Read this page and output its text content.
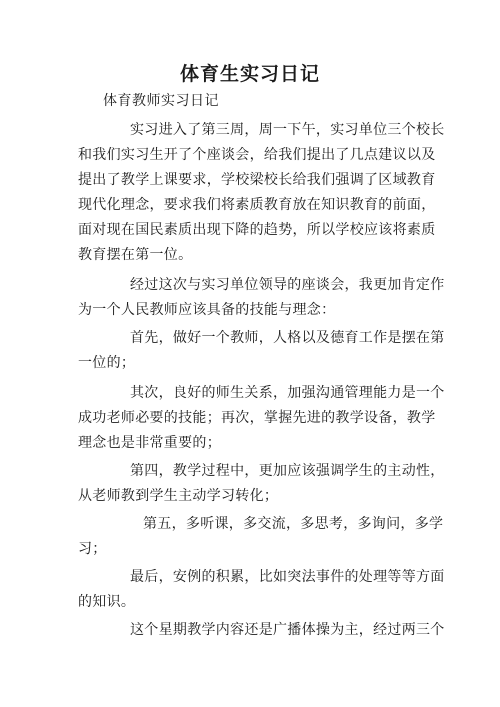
体育生实习日记
体育教师实习日记
实习进入了第三周，周一下午，实习单位三个校长
和我们实习生开了个座谈会，给我们提出了几点建议以及
提出了教学上课要求，学校梁校长给我们强调了区域教育
现代化理念，要求我们将素质教育放在知识教育的前面，
面对现在国民素质出现下降的趋势，所以学校应该将素质
教育摆在第一位。
经过这次与实习单位领导的座谈会，我更加肯定作
为一个人民教师应该具备的技能与理念：
首先，做好一个教师，人格以及德育工作是摆在第
一位的；
其次，良好的师生关系，加强沟通管理能力是一个
成功老师必要的技能；再次，掌握先进的教学设备，教学
理念也是非常重要的；
第四，教学过程中，更加应该强调学生的主动性，
从老师教到学生主动学习转化；
第五，多听课，多交流，多思考，多询问，多学
习；
最后，安例的积累，比如突法事件的处理等等方面
的知识。
这个星期教学内容还是广播体操为主，经过两三个
